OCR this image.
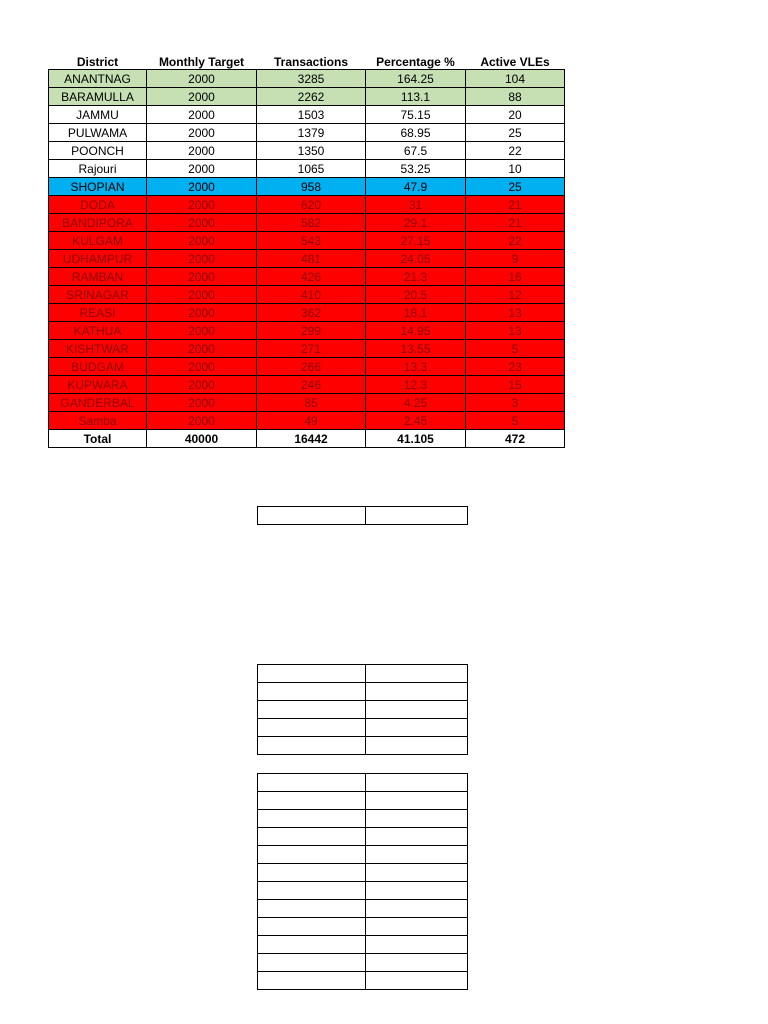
District	Monthly Target	Transactions	Percentage %	Active VLEs
ANANTNAG	2000	3285	164.25	104
BARAMULLA	2000	2262	113.1	88
JAMMU	2000	1503	75.15	20
PULWAMA	2000	1379	68.95	25
POONCH	2000	1350	67.5	22
Rajouri	2000	1065	53.25	10
SHOPIAN	2000	958	47.9	25
DODA	2000	620	31	21
BANDIPORA	2000	582	29.1	21
KULGAM	2000	543	27.15	22
UDHAMPUR	2000	481	24.05	9
RAMBAN	2000	426	21.3	16
SRINAGAR	2000	410	20.5	12
REASI	2000	362	18.1	13
KATHUA	2000	299	14.95	13
KISHTWAR	2000	271	13.55	5
BUDGAM	2000	266	13.3	23
KUPWARA	2000	246	12.3	15
GANDERBAL	2000	85	4.25	3
Samba	2000	49	2.45	5
Total	40000	16442	41.105	472
